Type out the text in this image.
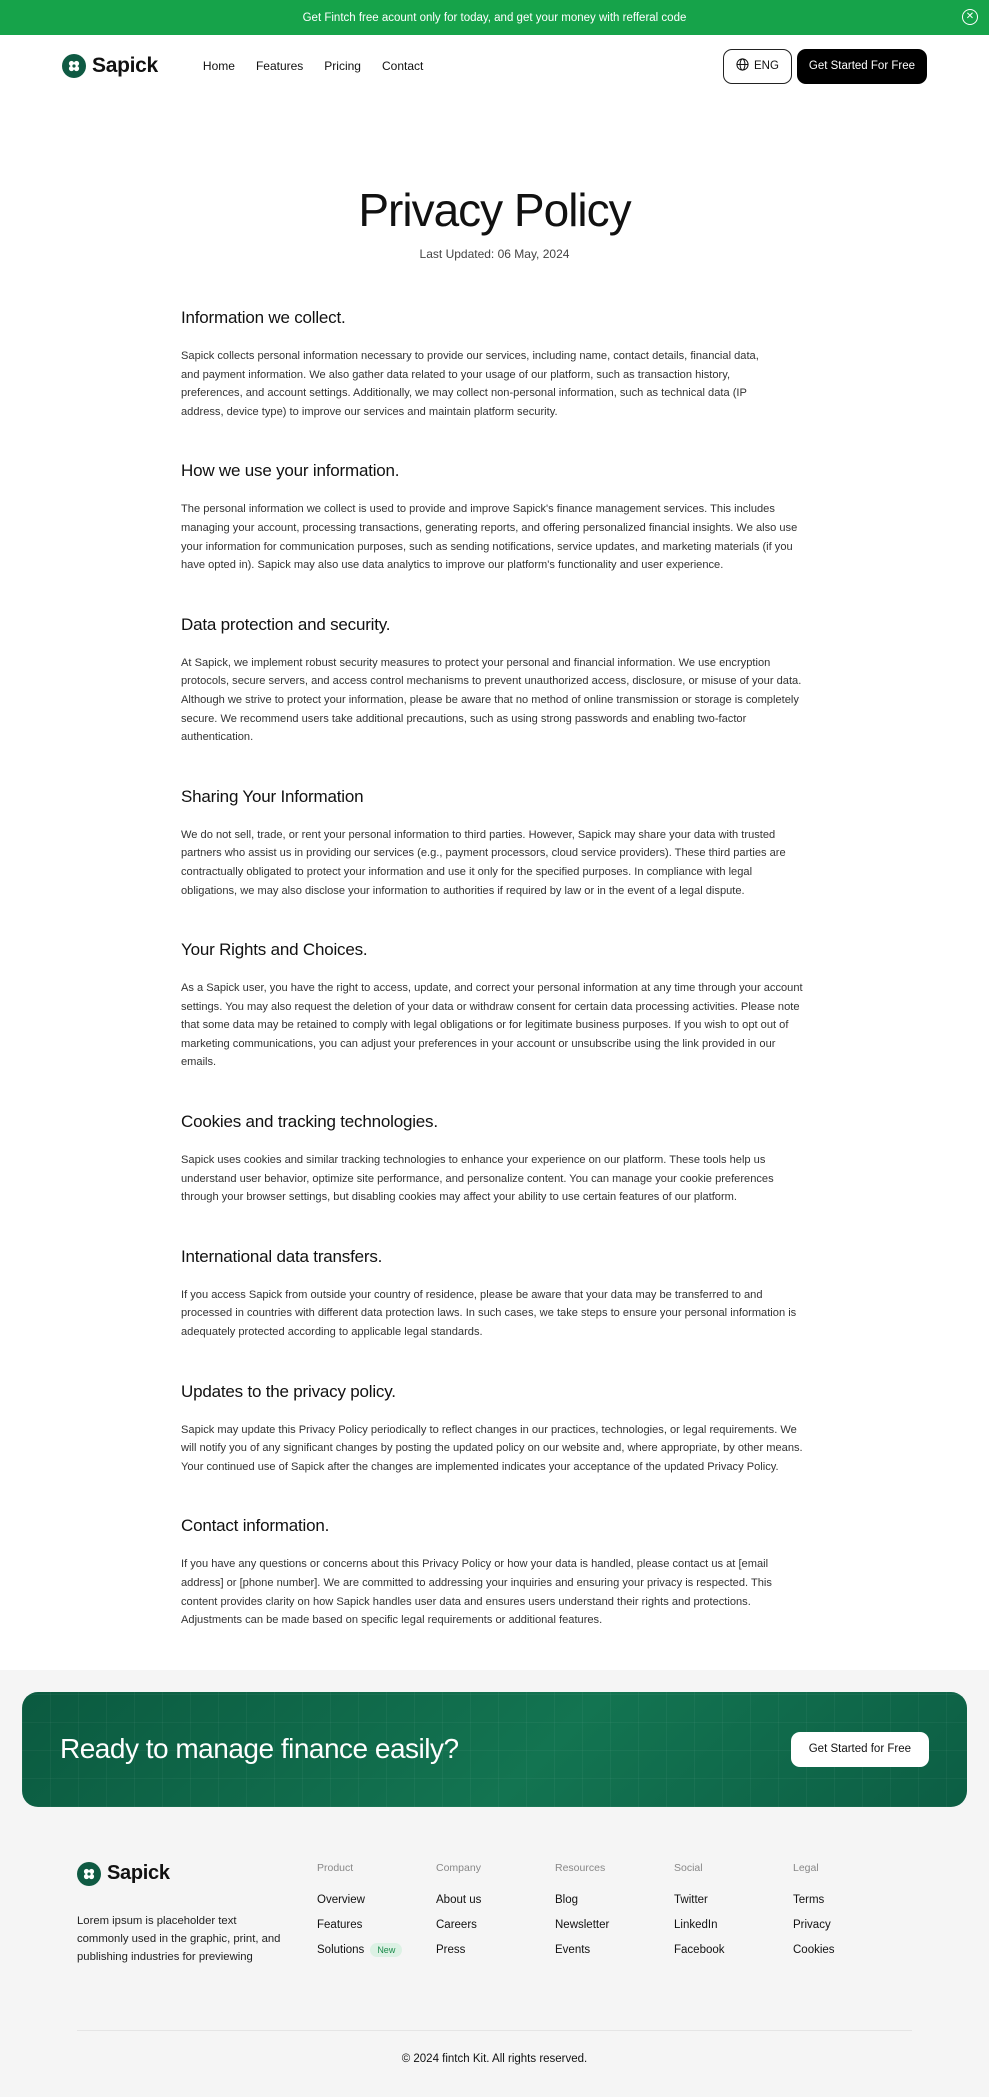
Get Fintch free acount only for today, and get your money with refferal code	✕
Sapick	Home Features Pricing Contact	ENG	Get Started For Free
Privacy Policy
Last Updated: 06 May, 2024
Information we collect.

Sapick collects personal information necessary to provide our services, including name, contact details, financial data, and payment information. We also gather data related to your usage of our platform, such as transaction history, preferences, and account settings. Additionally, we may collect non-personal information, such as technical data (IP address, device type) to improve our services and maintain platform security.

How we use your information.

The personal information we collect is used to provide and improve Sapick's finance management services. This includes managing your account, processing transactions, generating reports, and offering personalized financial insights. We also use your information for communication purposes, such as sending notifications, service updates, and marketing materials (if you have opted in). Sapick may also use data analytics to improve our platform's functionality and user experience.

Data protection and security.

At Sapick, we implement robust security measures to protect your personal and financial information. We use encryption protocols, secure servers, and access control mechanisms to prevent unauthorized access, disclosure, or misuse of your data. Although we strive to protect your information, please be aware that no method of online transmission or storage is completely secure. We recommend users take additional precautions, such as using strong passwords and enabling two-factor authentication.

Sharing Your Information

We do not sell, trade, or rent your personal information to third parties. However, Sapick may share your data with trusted partners who assist us in providing our services (e.g., payment processors, cloud service providers). These third parties are contractually obligated to protect your information and use it only for the specified purposes. In compliance with legal obligations, we may also disclose your information to authorities if required by law or in the event of a legal dispute.

Your Rights and Choices.

As a Sapick user, you have the right to access, update, and correct your personal information at any time through your account settings. You may also request the deletion of your data or withdraw consent for certain data processing activities. Please note that some data may be retained to comply with legal obligations or for legitimate business purposes. If you wish to opt out of marketing communications, you can adjust your preferences in your account or unsubscribe using the link provided in our emails.

Cookies and tracking technologies.

Sapick uses cookies and similar tracking technologies to enhance your experience on our platform. These tools help us understand user behavior, optimize site performance, and personalize content. You can manage your cookie preferences through your browser settings, but disabling cookies may affect your ability to use certain features of our platform.

International data transfers.

If you access Sapick from outside your country of residence, please be aware that your data may be transferred to and processed in countries with different data protection laws. In such cases, we take steps to ensure your personal information is adequately protected according to applicable legal standards.

Updates to the privacy policy.

Sapick may update this Privacy Policy periodically to reflect changes in our practices, technologies, or legal requirements. We will notify you of any significant changes by posting the updated policy on our website and, where appropriate, by other means. Your continued use of Sapick after the changes are implemented indicates your acceptance of the updated Privacy Policy.

Contact information.

If you have any questions or concerns about this Privacy Policy or how your data is handled, please contact us at [email address] or [phone number]. We are committed to addressing your inquiries and ensuring your privacy is respected. This content provides clarity on how Sapick handles user data and ensures users understand their rights and protections. Adjustments can be made based on specific legal requirements or additional features.

Ready to manage finance easily?	Get Started for Free
Sapick

Lorem ipsum is placeholder text commonly used in the graphic, print, and publishing industries for previewing

Product
Overview
Features
Solutions	New
Company
About us
Careers
Press
Resources
Blog
Newsletter
Events
Social
Twitter
LinkedIn
Facebook
Legal
Terms
Privacy
Cookies
© 2024 fintch Kit. All rights reserved.
